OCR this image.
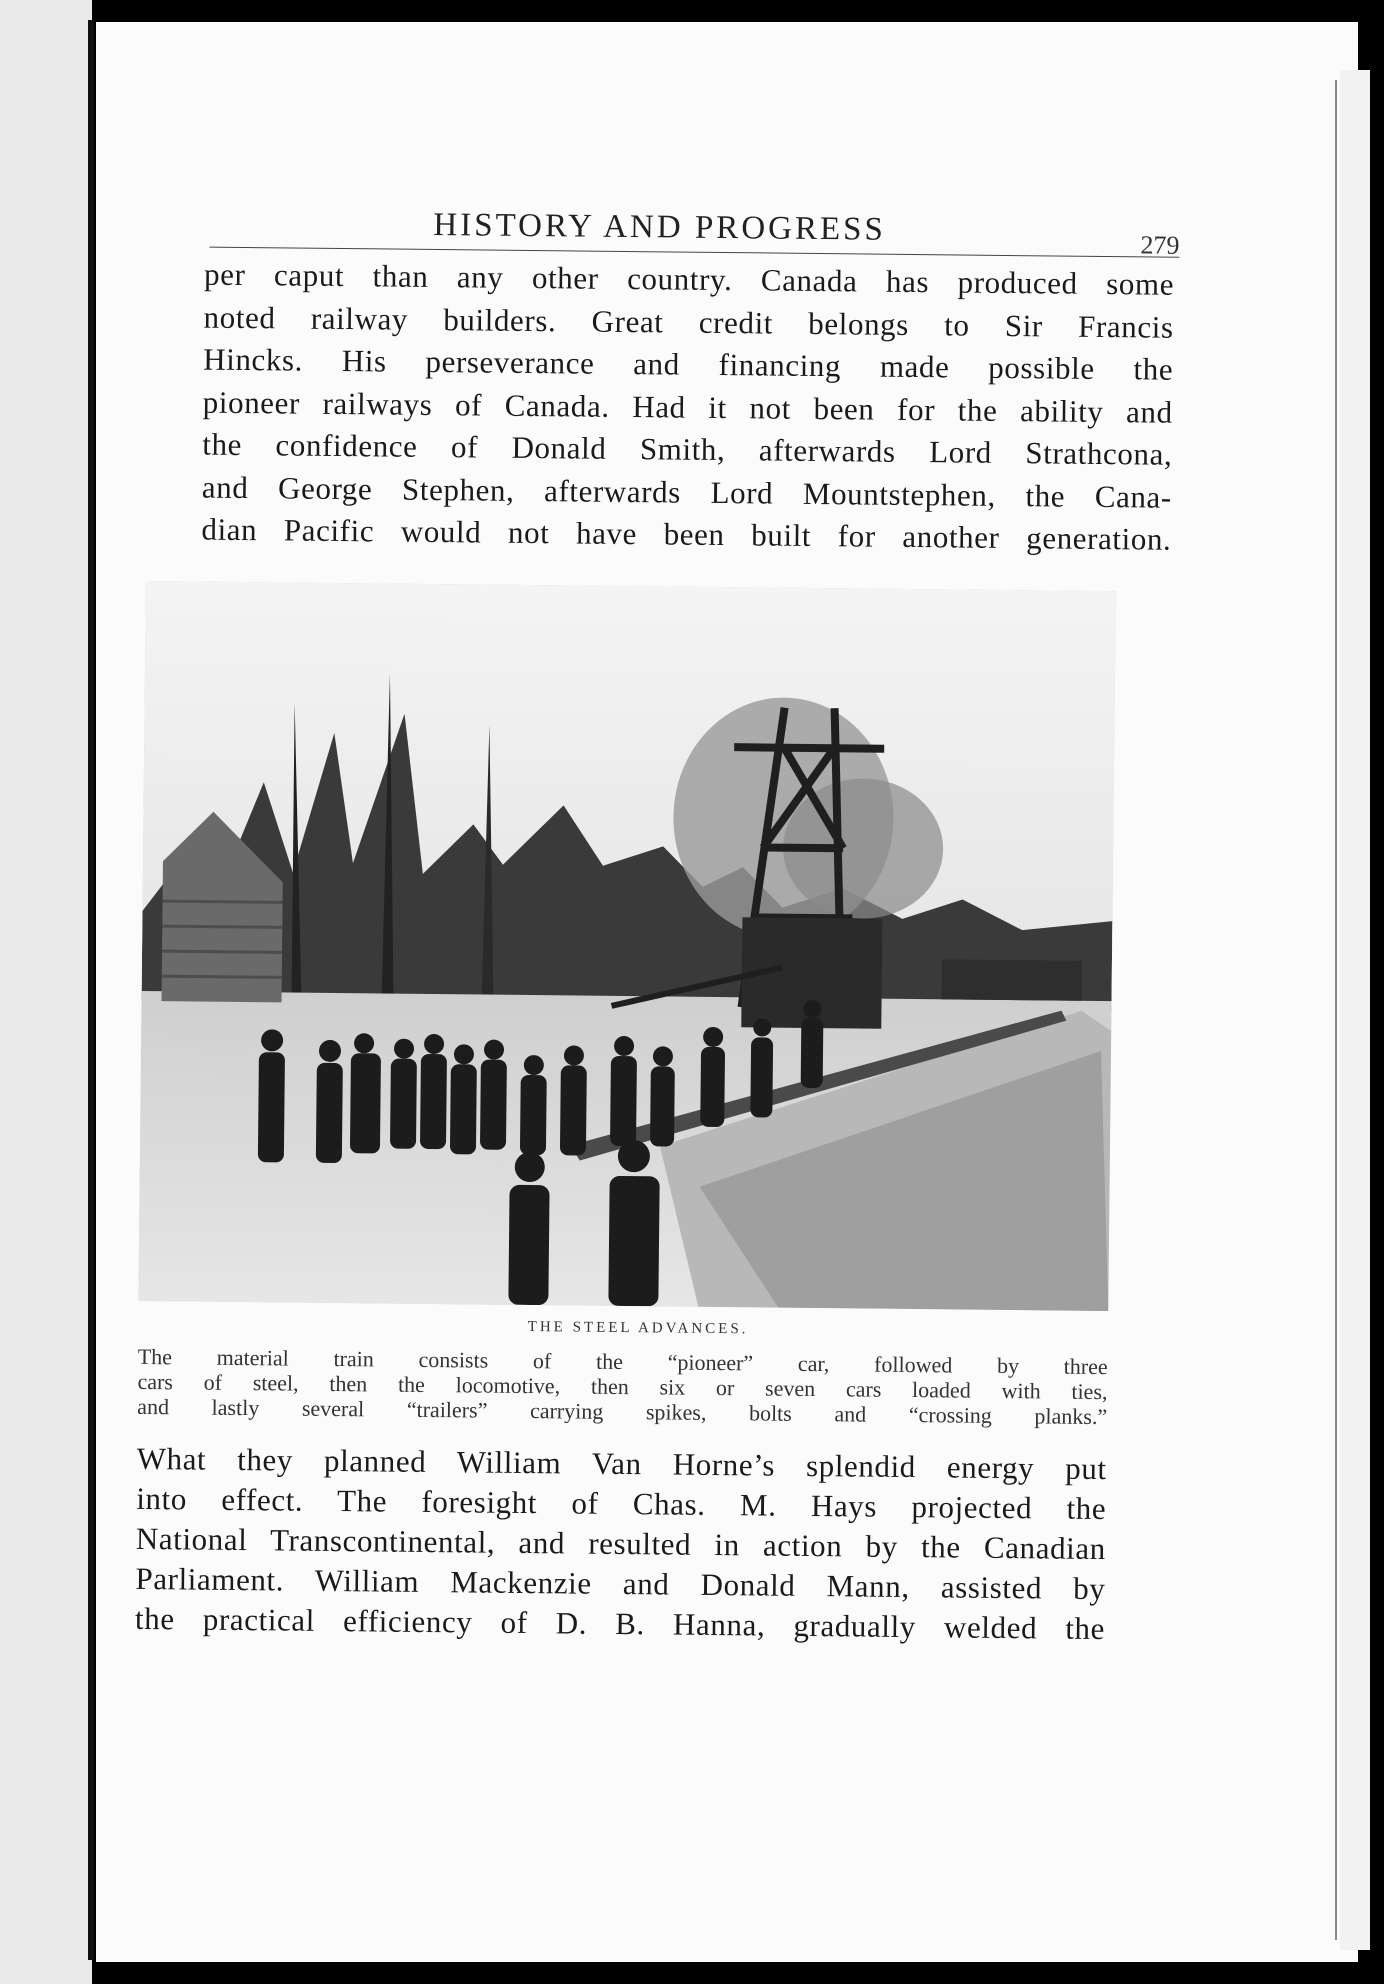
HISTORY AND PROGRESS	279
per caput than any other country. Canada has produced some
noted railway builders. Great credit belongs to Sir Francis
Hincks. His perseverance and financing made possible the
pioneer railways of Canada. Had it not been for the ability and
the confidence of Donald Smith, afterwards Lord Strathcona,
and George Stephen, afterwards Lord Mountstephen, the Cana-
dian Pacific would not have been built for another generation.
THE STEEL ADVANCES.
The material train consists of the “pioneer” car, followed by three
cars of steel, then the locomotive, then six or seven cars loaded with ties,
and lastly several “trailers” carrying spikes, bolts and “crossing planks.”
What they planned William Van Horne’s splendid energy put
into effect. The foresight of Chas. M. Hays projected the
National Transcontinental, and resulted in action by the Canadian
Parliament. William Mackenzie and Donald Mann, assisted by
the practical efficiency of D. B. Hanna, gradually welded the
